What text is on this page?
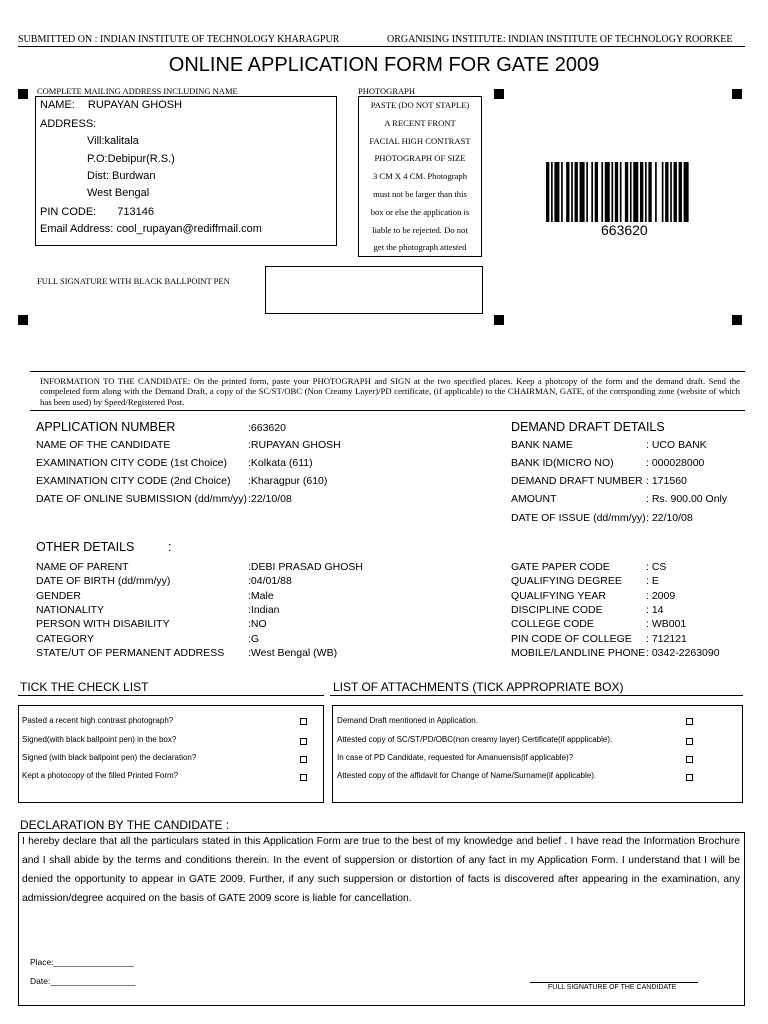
SUBMITTED ON : INDIAN INSTITUTE OF TECHNOLOGY KHARAGPUR	ORGANISING INSTITUTE: INDIAN INSTITUTE OF TECHNOLOGY ROORKEE
ONLINE APPLICATION FORM FOR GATE 2009
COMPLETE MAILING ADDRESS INCLUDING NAME
NAME: RUPAYAN GHOSH
ADDRESS:
Vill:kalitala
P.O:Debipur(R.S.)
Dist: Burdwan
West Bengal
PIN CODE: 713146
Email Address: cool_rupayan@rediffmail.com
PHOTOGRAPH
PASTE (DO NOT STAPLE)
A RECENT FRONT
FACIAL HIGH CONTRAST
PHOTOGRAPH OF SIZE
3 CM X 4 CM. Photograph
must not be larger than this
box or else the application is
liable to be rejected. Do not
get the photograph attested
663620
FULL SIGNATURE WITH BLACK BALLPOINT PEN
INFORMATION TO THE CANDIDATE: On the printed form, paste your PHOTOGRAPH and SIGN at the two specified places. Keep a photcopy of the form and the demand draft. Send the compeleted form along with the Demand Draft, a copy of the SC/ST/OBC (Non Creamy Layer)/PD certificate, (if applicable) to the CHAIRMAN, GATE, of the corrsponding zone (website of which has been used) by Speed/Registered Post.
APPLICATION NUMBER	:663620
NAME OF THE CANDIDATE	:RUPAYAN GHOSH
EXAMINATION CITY CODE (1st Choice) :Kolkata (611)
EXAMINATION CITY CODE (2nd Choice) :Kharagpur (610)
DATE OF ONLINE SUBMISSION (dd/mm/yy) :22/10/08
DEMAND DRAFT DETAILS
BANK NAME	: UCO BANK
BANK ID(MICRO NO)	: 000028000
DEMAND DRAFT NUMBER : 171560
AMOUNT	: Rs. 900.00 Only
DATE OF ISSUE (dd/mm/yy) : 22/10/08
OTHER DETAILS	:
NAME OF PARENT	:DEBI PRASAD GHOSH
DATE OF BIRTH (dd/mm/yy)	:04/01/88
GENDER	:Male
NATIONALITY	:Indian
PERSON WITH DISABILITY	:NO
CATEGORY	:G
STATE/UT OF PERMANENT ADDRESS :West Bengal (WB)
GATE PAPER CODE	: CS
QUALIFYING DEGREE : E
QUALIFYING YEAR	: 2009
DISCIPLINE CODE	: 14
COLLEGE CODE	: WB001
PIN CODE OF COLLEGE : 712121
MOBILE/LANDLINE PHONE : 0342-2263090
TICK THE CHECK LIST
Pasted a recent high contrast photograph?
Signed(with black ballpoint pen) in the box?
Signed (with black ballpoint pen) the declaration?
Kept a photocopy of the filled Printed Form?
LIST OF ATTACHMENTS (TICK APPROPRIATE BOX)
Demand Draft mentioned in Application.
Attested copy of SC/ST/PD/OBC(non creamy layer) Certificate(if appplicable).
In case of PD Candidate, requested for Amanuensis(if applicable)?
Attested copy of the affidavit for Change of Name/Surname(if applicable).
DECLARATION BY THE CANDIDATE :

I hereby declare that all the particulars stated in this Application Form are true to the best of my knowledge and belief . I have read the Information Brochure and I shall abide by the terms and conditions therein. In the event of suppersion or distortion of any fact in my Application Form. I understand that I will be denied the opportunity to appear in GATE 2009. Further, if any such suppersion or distortion of facts is discovered after appearing in the examination, any admission/degree acquired on the basis of GATE 2009 score is liable for cancellation.

Place:_________________
Date:__________________
FULL SIGNATURE OF THE CANDIDATE
